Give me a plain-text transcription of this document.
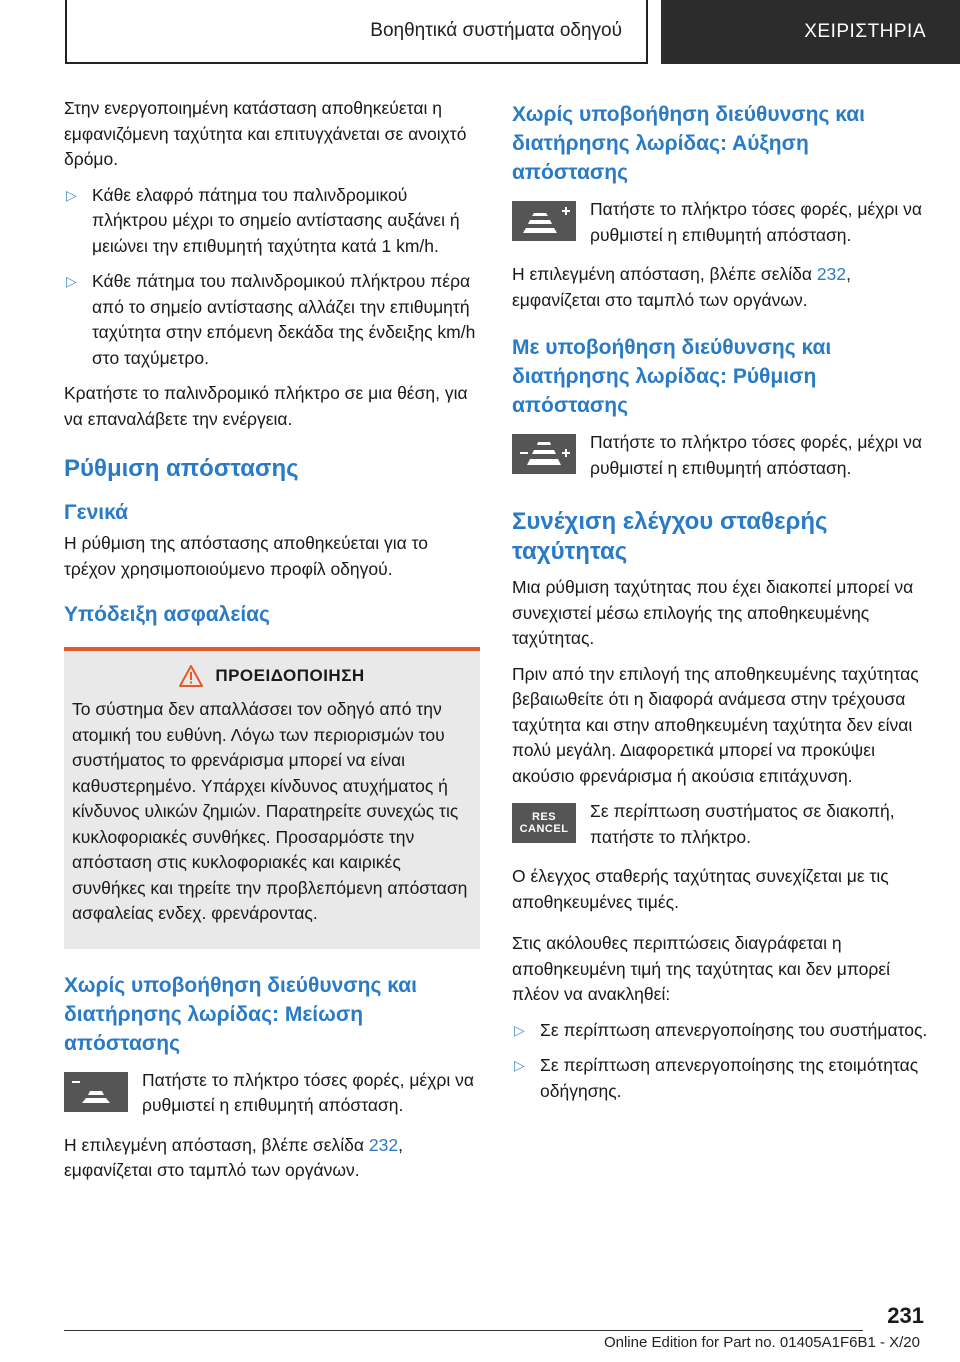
Βοηθητικά συστήματα οδηγού	ΧΕΙΡΙΣΤΗΡΙΑ

Στην ενεργοποιημένη κατάσταση αποθηκεύεται η εμφανιζόμενη ταχύτητα και επιτυγχάνεται σε ανοιχτό δρόμο.

▷ Κάθε ελαφρό πάτημα του παλινδρομικού πλήκτρου μέχρι το σημείο αντίστασης αυξάνει ή μειώνει την επιθυμητή ταχύτητα κατά 1 km/h.
▷ Κάθε πάτημα του παλινδρομικού πλήκτρου πέρα από το σημείο αντίστασης αλλάζει την επιθυμητή ταχύτητα στην επόμενη δεκάδα της ένδειξης km/h στο ταχύμετρο.

Κρατήστε το παλινδρομικό πλήκτρο σε μια θέση, για να επαναλάβετε την ενέργεια.

Ρύθμιση απόστασης
Γενικά

Η ρύθμιση της απόστασης αποθηκεύεται για το τρέχον χρησιμοποιούμενο προφίλ οδηγού.

Υπόδειξη ασφαλείας
ΠΡΟΕΙΔΟΠΟΙΗΣΗ
Το σύστημα δεν απαλλάσσει τον οδηγό από την ατομική του ευθύνη. Λόγω των περιορισμών του συστήματος το φρενάρισμα μπορεί να είναι καθυστερημένο. Υπάρχει κίνδυνος ατυχήματος ή κίνδυνος υλικών ζημιών. Παρατηρείτε συνεχώς τις κυκλοφοριακές συνθήκες. Προσαρμόστε την απόσταση στις κυκλοφοριακές και καιρικές συνθήκες και τηρείτε την προβλεπόμενη απόσταση ασφαλείας ενδεχ. φρενάροντας.
Χωρίς υποβοήθηση διεύθυνσης και διατήρησης λωρίδας: Μείωση απόστασης
Πατήστε το πλήκτρο τόσες φορές, μέχρι να ρυθμιστεί η επιθυμητή απόσταση.

Η επιλεγμένη απόσταση, βλέπε σελίδα 232, εμφανίζεται στο ταμπλό των οργάνων.

Χωρίς υποβοήθηση διεύθυνσης και διατήρησης λωρίδας: Αύξηση απόστασης
Πατήστε το πλήκτρο τόσες φορές, μέχρι να ρυθμιστεί η επιθυμητή απόσταση.

Η επιλεγμένη απόσταση, βλέπε σελίδα 232, εμφανίζεται στο ταμπλό των οργάνων.

Με υποβοήθηση διεύθυνσης και διατήρησης λωρίδας: Ρύθμιση απόστασης
Πατήστε το πλήκτρο τόσες φορές, μέχρι να ρυθμιστεί η επιθυμητή απόσταση.
Συνέχιση ελέγχου σταθερής ταχύτητας

Μια ρύθμιση ταχύτητας που έχει διακοπεί μπορεί να συνεχιστεί μέσω επιλογής της αποθηκευμένης ταχύτητας.

Πριν από την επιλογή της αποθηκευμένης ταχύτητας βεβαιωθείτε ότι η διαφορά ανάμεσα στην τρέχουσα ταχύτητα και στην αποθηκευμένη ταχύτητα δεν είναι πολύ μεγάλη. Διαφορετικά μπορεί να προκύψει ακούσιο φρενάρισμα ή ακούσια επιτάχυνση.

RES
CANCEL
Σε περίπτωση συστήματος σε διακοπή, πατήστε το πλήκτρο.

Ο έλεγχος σταθερής ταχύτητας συνεχίζεται με τις αποθηκευμένες τιμές.

Στις ακόλουθες περιπτώσεις διαγράφεται η αποθηκευμένη τιμή της ταχύτητας και δεν μπορεί πλέον να ανακληθεί:

▷ Σε περίπτωση απενεργοποίησης του συστήματος.
▷ Σε περίπτωση απενεργοποίησης της ετοιμότητας οδήγησης.
231
Online Edition for Part no. 01405A1F6B1 - X/20
